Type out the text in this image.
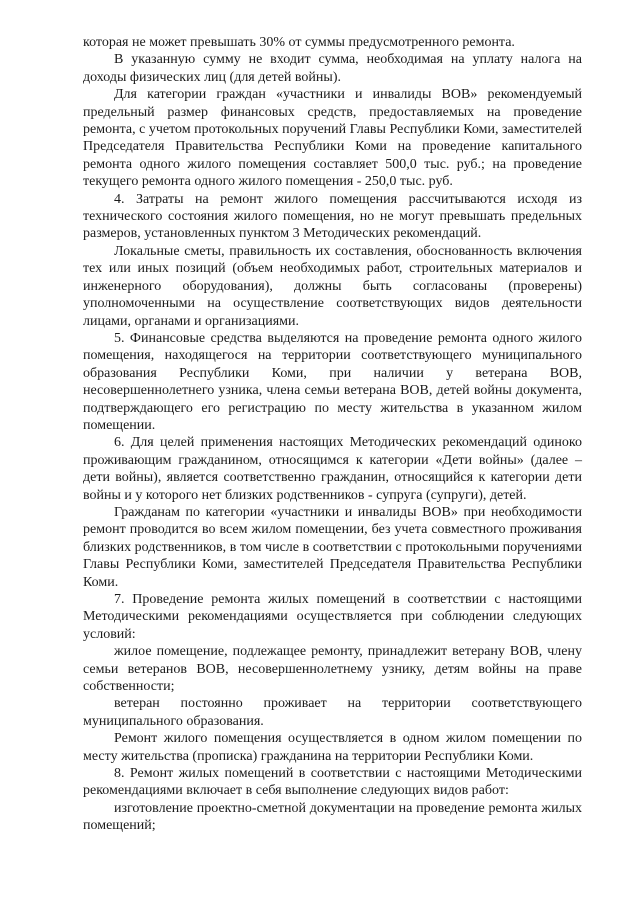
которая не может превышать 30% от суммы предусмотренного ремонта.

В указанную сумму не входит сумма, необходимая на уплату налога на доходы физических лиц (для детей войны).

Для категории граждан «участники и инвалиды ВОВ» рекомендуемый предельный размер финансовых средств, предоставляемых на проведение ремонта, с учетом протокольных поручений Главы Республики Коми, заместителей Председателя Правительства Республики Коми на проведение капитального ремонта одного жилого помещения составляет 500,0 тыс. руб.; на проведение текущего ремонта одного жилого помещения - 250,0 тыс. руб.

4. Затраты на ремонт жилого помещения рассчитываются исходя из технического состояния жилого помещения, но не могут превышать предельных размеров, установленных пунктом 3 Методических рекомендаций.

Локальные сметы, правильность их составления, обоснованность включения тех или иных позиций (объем необходимых работ, строительных материалов и инженерного оборудования), должны быть согласованы (проверены) уполномоченными на осуществление соответствующих видов деятельности лицами, органами и организациями.

5. Финансовые средства выделяются на проведение ремонта одного жилого помещения, находящегося на территории соответствующего муниципального образования Республики Коми, при наличии у ветерана ВОВ, несовершеннолетнего узника, члена семьи ветерана ВОВ, детей войны документа, подтверждающего его регистрацию по месту жительства в указанном жилом помещении.

6. Для целей применения настоящих Методических рекомендаций одиноко проживающим гражданином, относящимся к категории «Дети войны» (далее – дети войны), является соответственно гражданин, относящийся к категории дети войны и у которого нет близких родственников - супруга (супруги), детей.

Гражданам по категории «участники и инвалиды ВОВ» при необходимости ремонт проводится во всем жилом помещении, без учета совместного проживания близких родственников, в том числе в соответствии с протокольными поручениями Главы Республики Коми, заместителей Председателя Правительства Республики Коми.

7. Проведение ремонта жилых помещений в соответствии с настоящими Методическими рекомендациями осуществляется при соблюдении следующих условий:

жилое помещение, подлежащее ремонту, принадлежит ветерану ВОВ, члену семьи ветеранов ВОВ, несовершеннолетнему узнику, детям войны на праве собственности;

ветеран постоянно проживает на территории соответствующего муниципального образования.

Ремонт жилого помещения осуществляется в одном жилом помещении по месту жительства (прописка) гражданина на территории Республики Коми.

8. Ремонт жилых помещений в соответствии с настоящими Методическими рекомендациями включает в себя выполнение следующих видов работ:

изготовление проектно-сметной документации на проведение ремонта жилых помещений;
